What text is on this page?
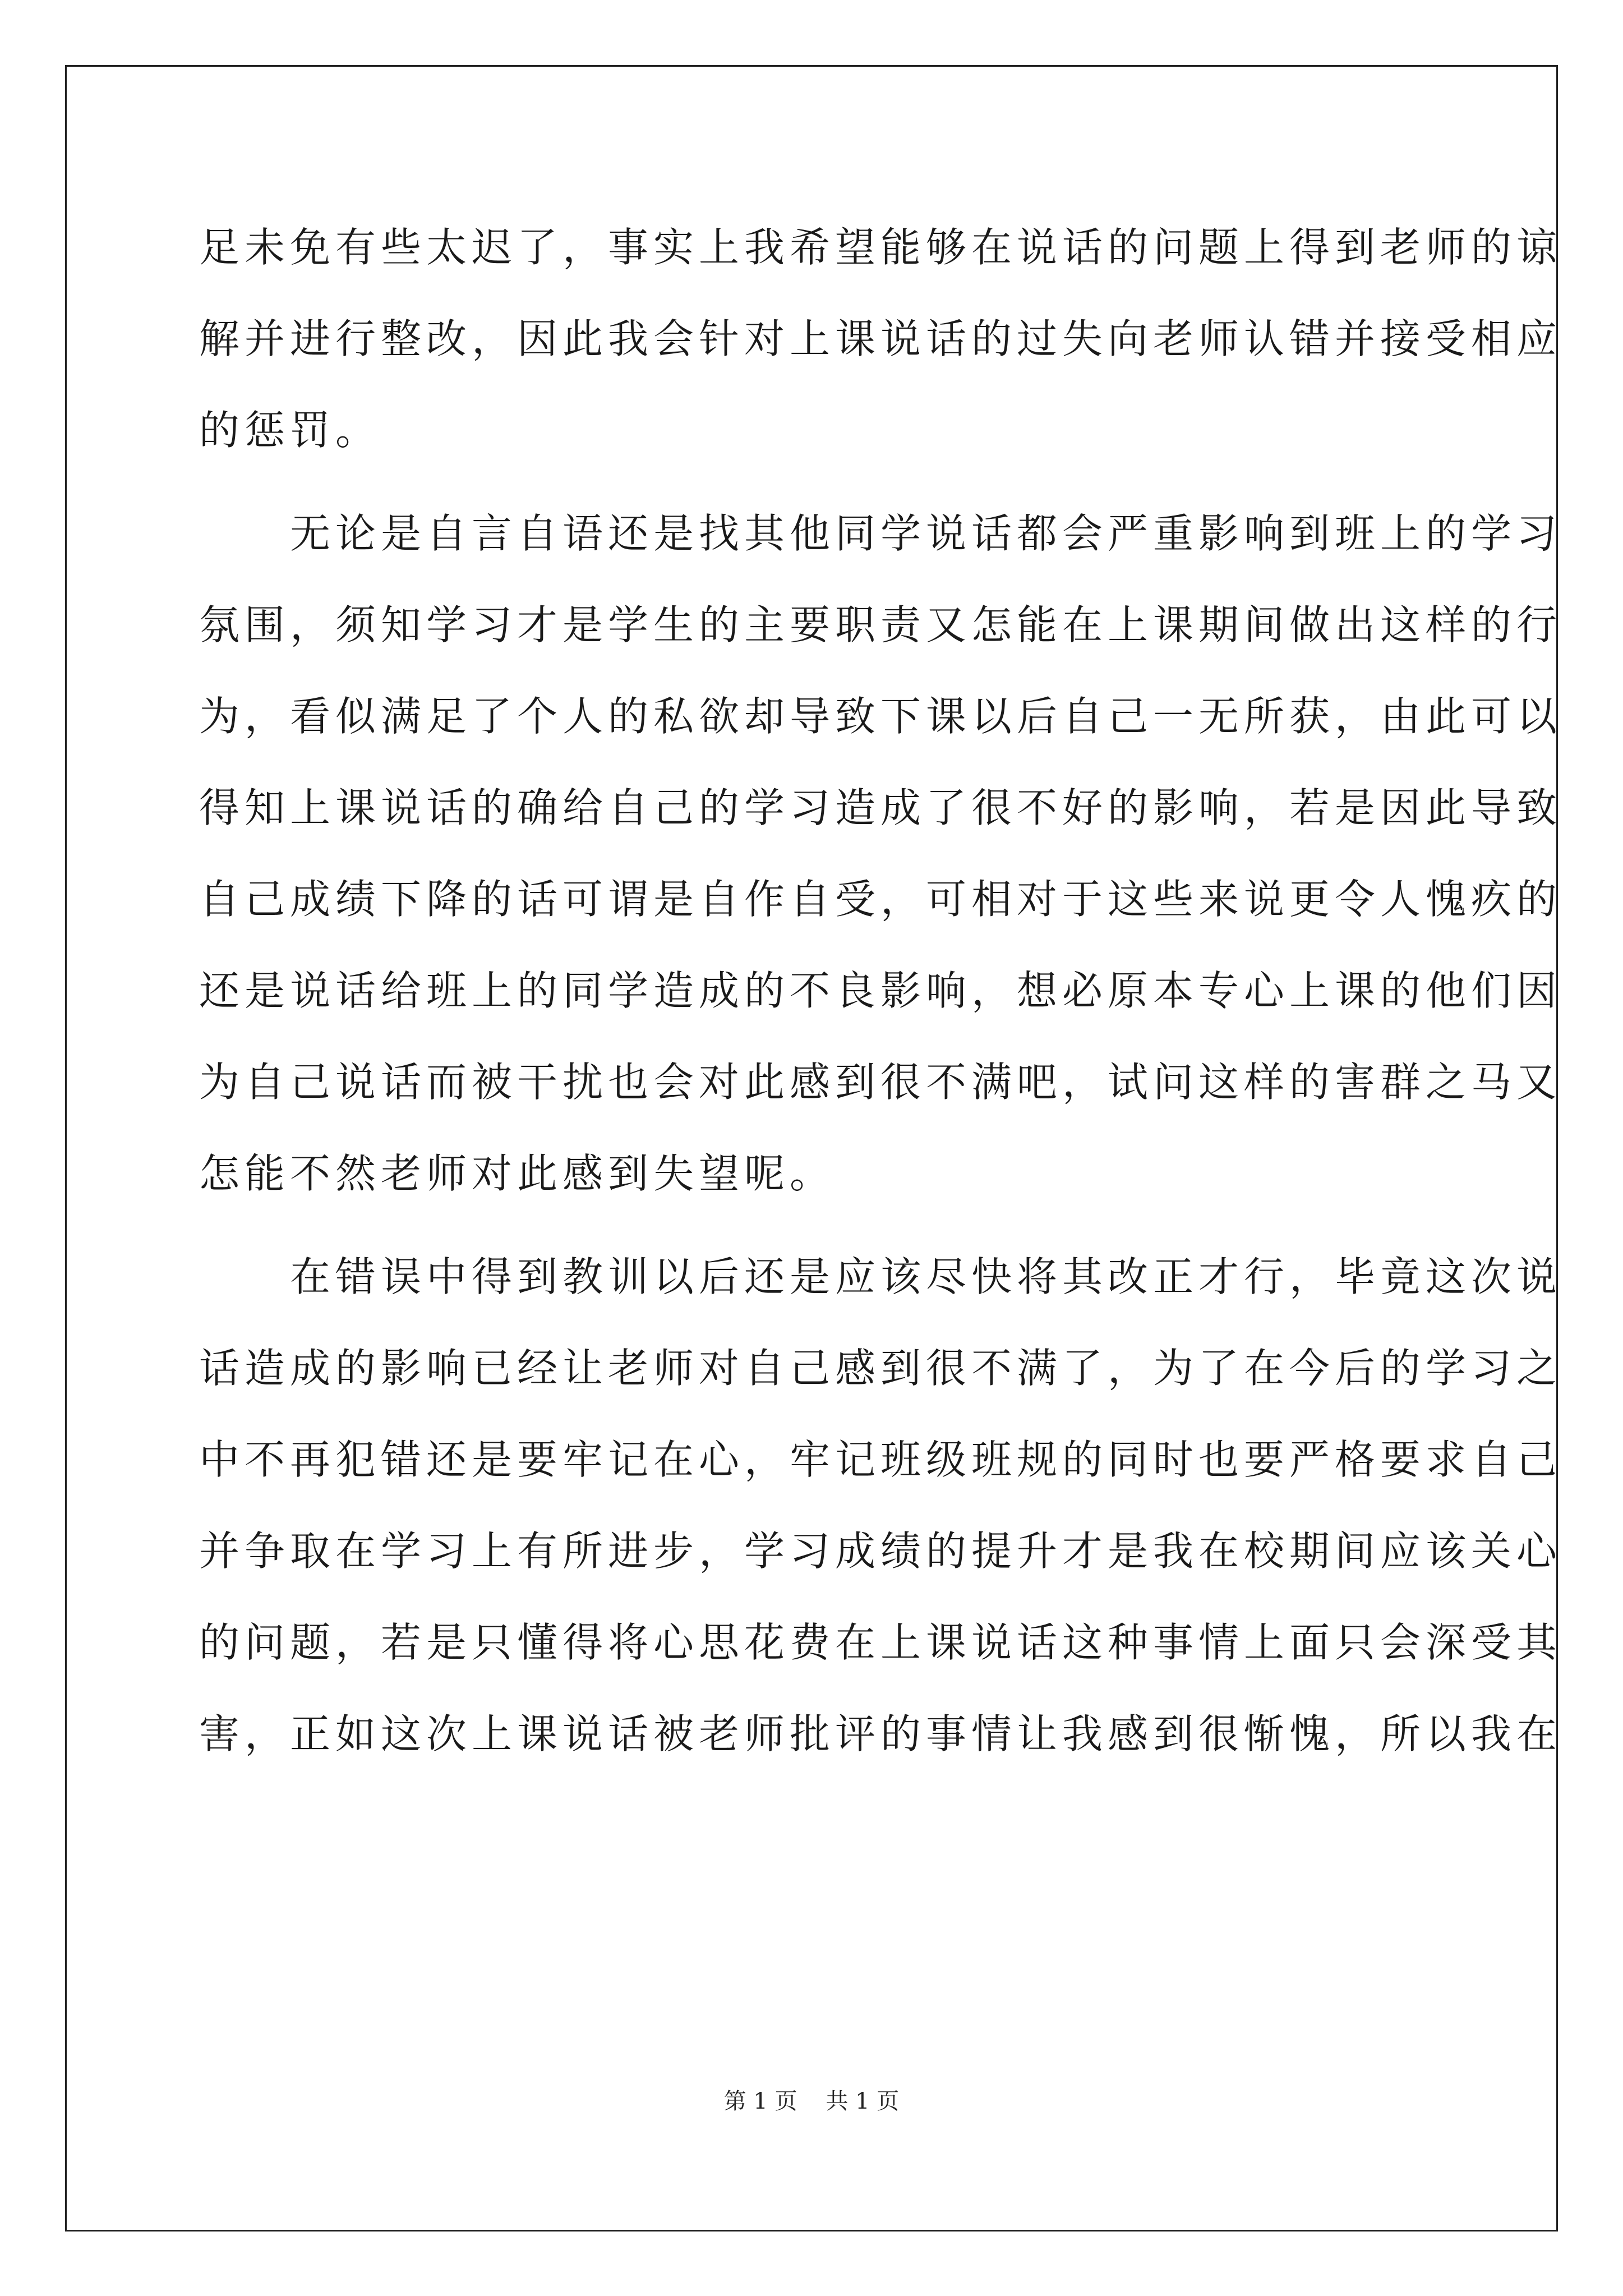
足未免有些太迟了，事实上我希望能够在说话的问题上得到老师的谅
解并进行整改，因此我会针对上课说话的过失向老师认错并接受相应
的惩罚。
无论是自言自语还是找其他同学说话都会严重影响到班上的学习
氛围，须知学习才是学生的主要职责又怎能在上课期间做出这样的行
为，看似满足了个人的私欲却导致下课以后自己一无所获，由此可以
得知上课说话的确给自己的学习造成了很不好的影响，若是因此导致
自己成绩下降的话可谓是自作自受，可相对于这些来说更令人愧疚的
还是说话给班上的同学造成的不良影响，想必原本专心上课的他们因
为自己说话而被干扰也会对此感到很不满吧，试问这样的害群之马又
怎能不然老师对此感到失望呢。
在错误中得到教训以后还是应该尽快将其改正才行，毕竟这次说
话造成的影响已经让老师对自己感到很不满了，为了在今后的学习之
中不再犯错还是要牢记在心，牢记班级班规的同时也要严格要求自己
并争取在学习上有所进步，学习成绩的提升才是我在校期间应该关心
的问题，若是只懂得将心思花费在上课说话这种事情上面只会深受其
害，正如这次上课说话被老师批评的事情让我感到很惭愧，所以我在
第 1 页    共 1 页
